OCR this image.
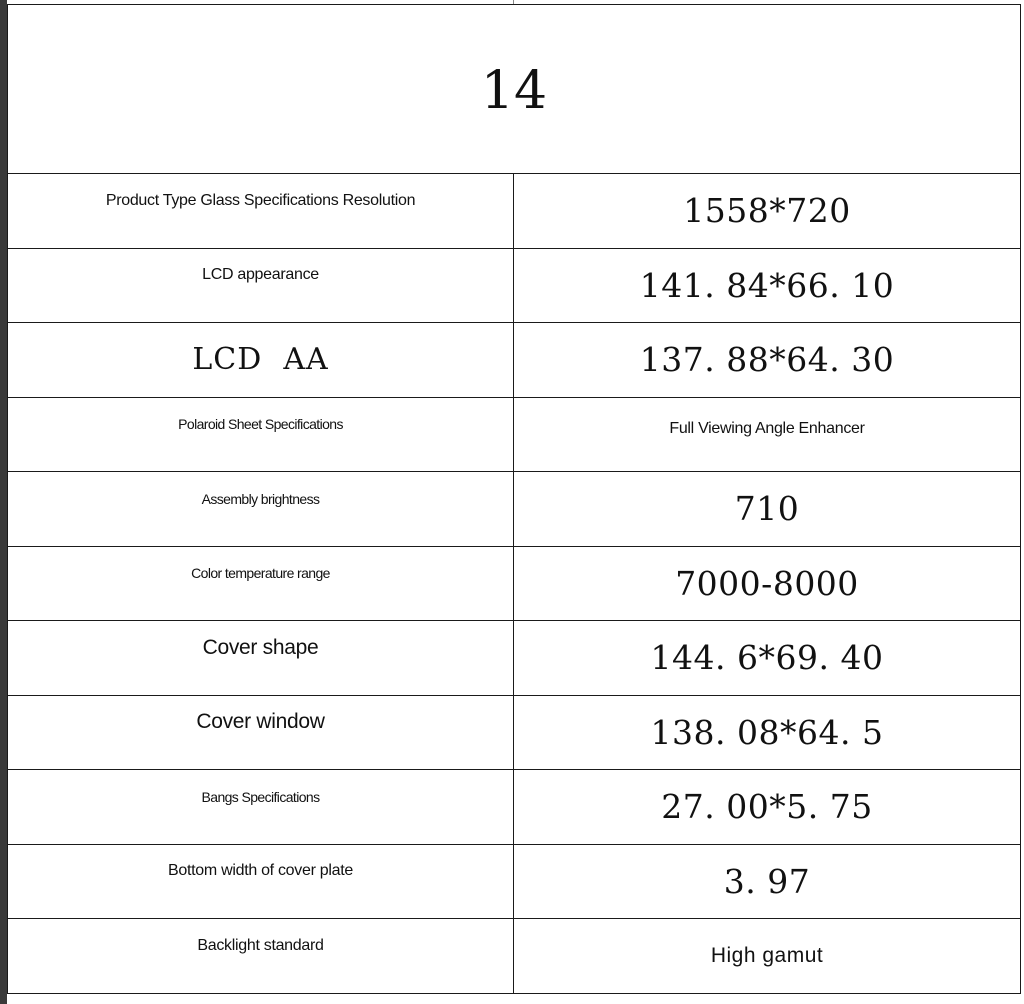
14	
Product Type Glass Specifications Resolution	1558*720
LCD appearance	141. 84*66. 10
LCD  AA	137. 88*64. 30
Polaroid Sheet Specifications	Full Viewing Angle Enhancer
Assembly brightness	710
Color temperature range	7000-8000
Cover shape	144. 6*69. 40
Cover window	138. 08*64. 5
Bangs Specifications	27. 00*5. 75
Bottom width of cover plate	3. 97
Backlight standard	High gamut
